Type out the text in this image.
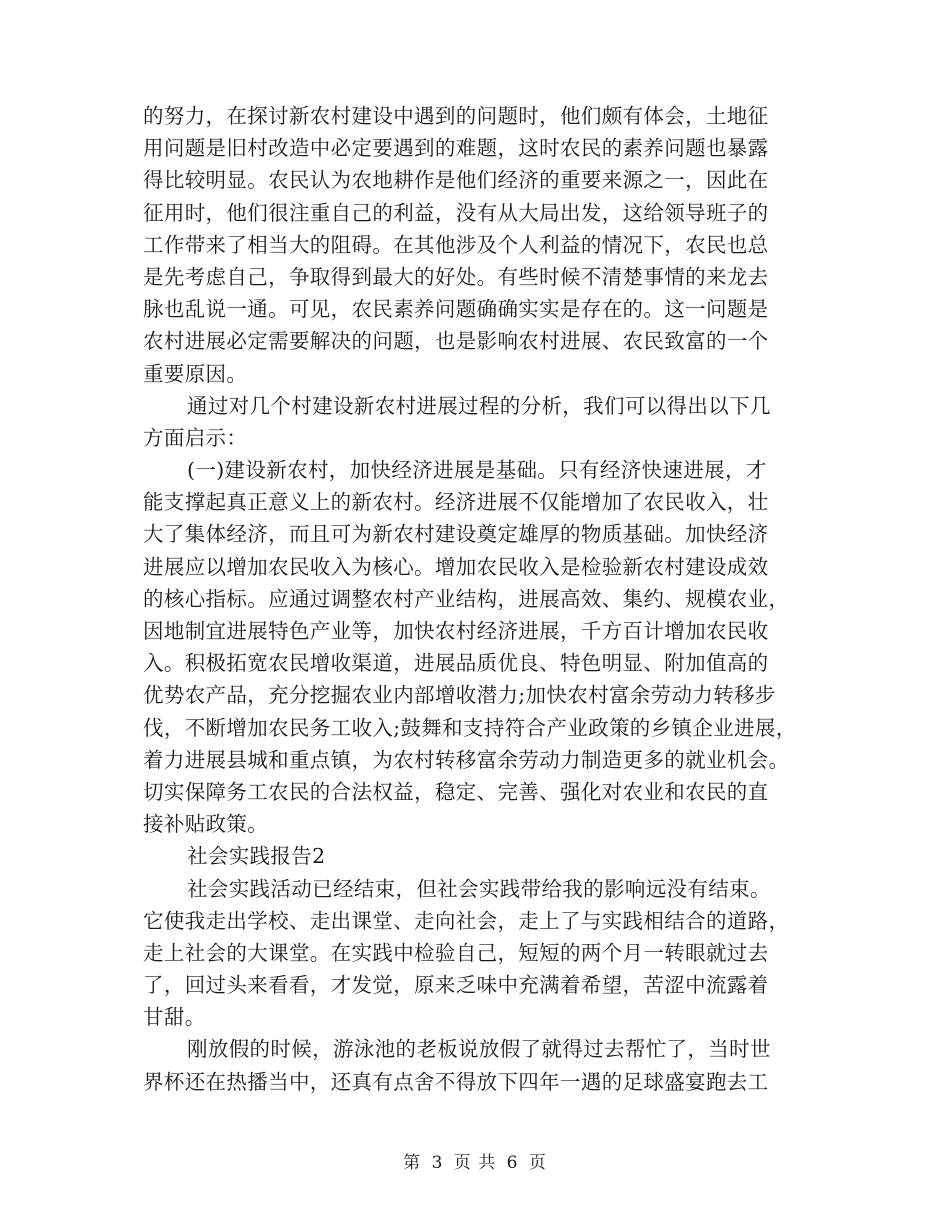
的努力，在探讨新农村建设中遇到的问题时，他们颇有体会，土地征
用问题是旧村改造中必定要遇到的难题，这时农民的素养问题也暴露
得比较明显。农民认为农地耕作是他们经济的重要来源之一，因此在
征用时，他们很注重自己的利益，没有从大局出发，这给领导班子的
工作带来了相当大的阻碍。在其他涉及个人利益的情况下，农民也总
是先考虑自己，争取得到最大的好处。有些时候不清楚事情的来龙去
脉也乱说一通。可见，农民素养问题确确实实是存在的。这一问题是
农村进展必定需要解决的问题，也是影响农村进展、农民致富的一个
重要原因。
通过对几个村建设新农村进展过程的分析，我们可以得出以下几
方面启示：
(一)建设新农村，加快经济进展是基础。只有经济快速进展，才
能支撑起真正意义上的新农村。经济进展不仅能增加了农民收入，壮
大了集体经济，而且可为新农村建设奠定雄厚的物质基础。加快经济
进展应以增加农民收入为核心。增加农民收入是检验新农村建设成效
的核心指标。应通过调整农村产业结构，进展高效、集约、规模农业，
因地制宜进展特色产业等，加快农村经济进展，千方百计增加农民收
入。积极拓宽农民增收渠道，进展品质优良、特色明显、附加值高的
优势农产品，充分挖掘农业内部增收潜力;加快农村富余劳动力转移步
伐，不断增加农民务工收入;鼓舞和支持符合产业政策的乡镇企业进展，
着力进展县城和重点镇，为农村转移富余劳动力制造更多的就业机会。
切实保障务工农民的合法权益，稳定、完善、强化对农业和农民的直
接补贴政策。
社会实践报告2
社会实践活动已经结束，但社会实践带给我的影响远没有结束。
它使我走出学校、走出课堂、走向社会，走上了与实践相结合的道路，
走上社会的大课堂。在实践中检验自己，短短的两个月一转眼就过去
了，回过头来看看，才发觉，原来乏味中充满着希望，苦涩中流露着
甘甜。
刚放假的时候，游泳池的老板说放假了就得过去帮忙了，当时世
界杯还在热播当中，还真有点舍不得放下四年一遇的足球盛宴跑去工
第 3 页 共 6 页
